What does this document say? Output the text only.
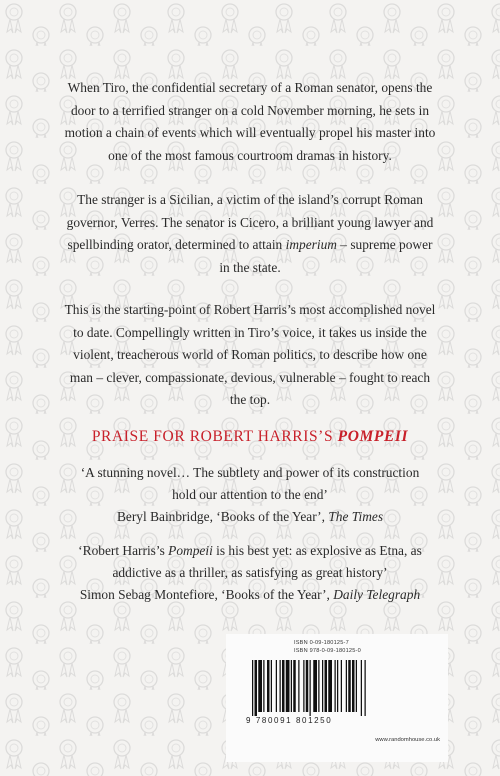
When Tiro, the confidential secretary of a Roman senator, opens the
door to a terrified stranger on a cold November morning, he sets in
motion a chain of events which will eventually propel his master into
one of the most famous courtroom dramas in history.

The stranger is a Sicilian, a victim of the island’s corrupt Roman
governor, Verres. The senator is Cicero, a brilliant young lawyer and
spellbinding orator, determined to attain imperium – supreme power
in the state.

This is the starting-point of Robert Harris’s most accomplished novel
to date. Compellingly written in Tiro’s voice, it takes us inside the
violent, treacherous world of Roman politics, to describe how one
man – clever, compassionate, devious, vulnerable – fought to reach
the top.

PRAISE FOR ROBERT HARRIS’S POMPEII

‘A stunning novel… The subtlety and power of its construction
hold our attention to the end’
Beryl Bainbridge, ‘Books of the Year’, The Times

‘Robert Harris’s Pompeii is his best yet: as explosive as Etna, as
addictive as a thriller, as satisfying as great history’
Simon Sebag Montefiore, ‘Books of the Year’, Daily Telegraph

ISBN 0-09-180125-7
ISBN 978-0-09-180125-0
9 780091 801250
www.randomhouse.co.uk
